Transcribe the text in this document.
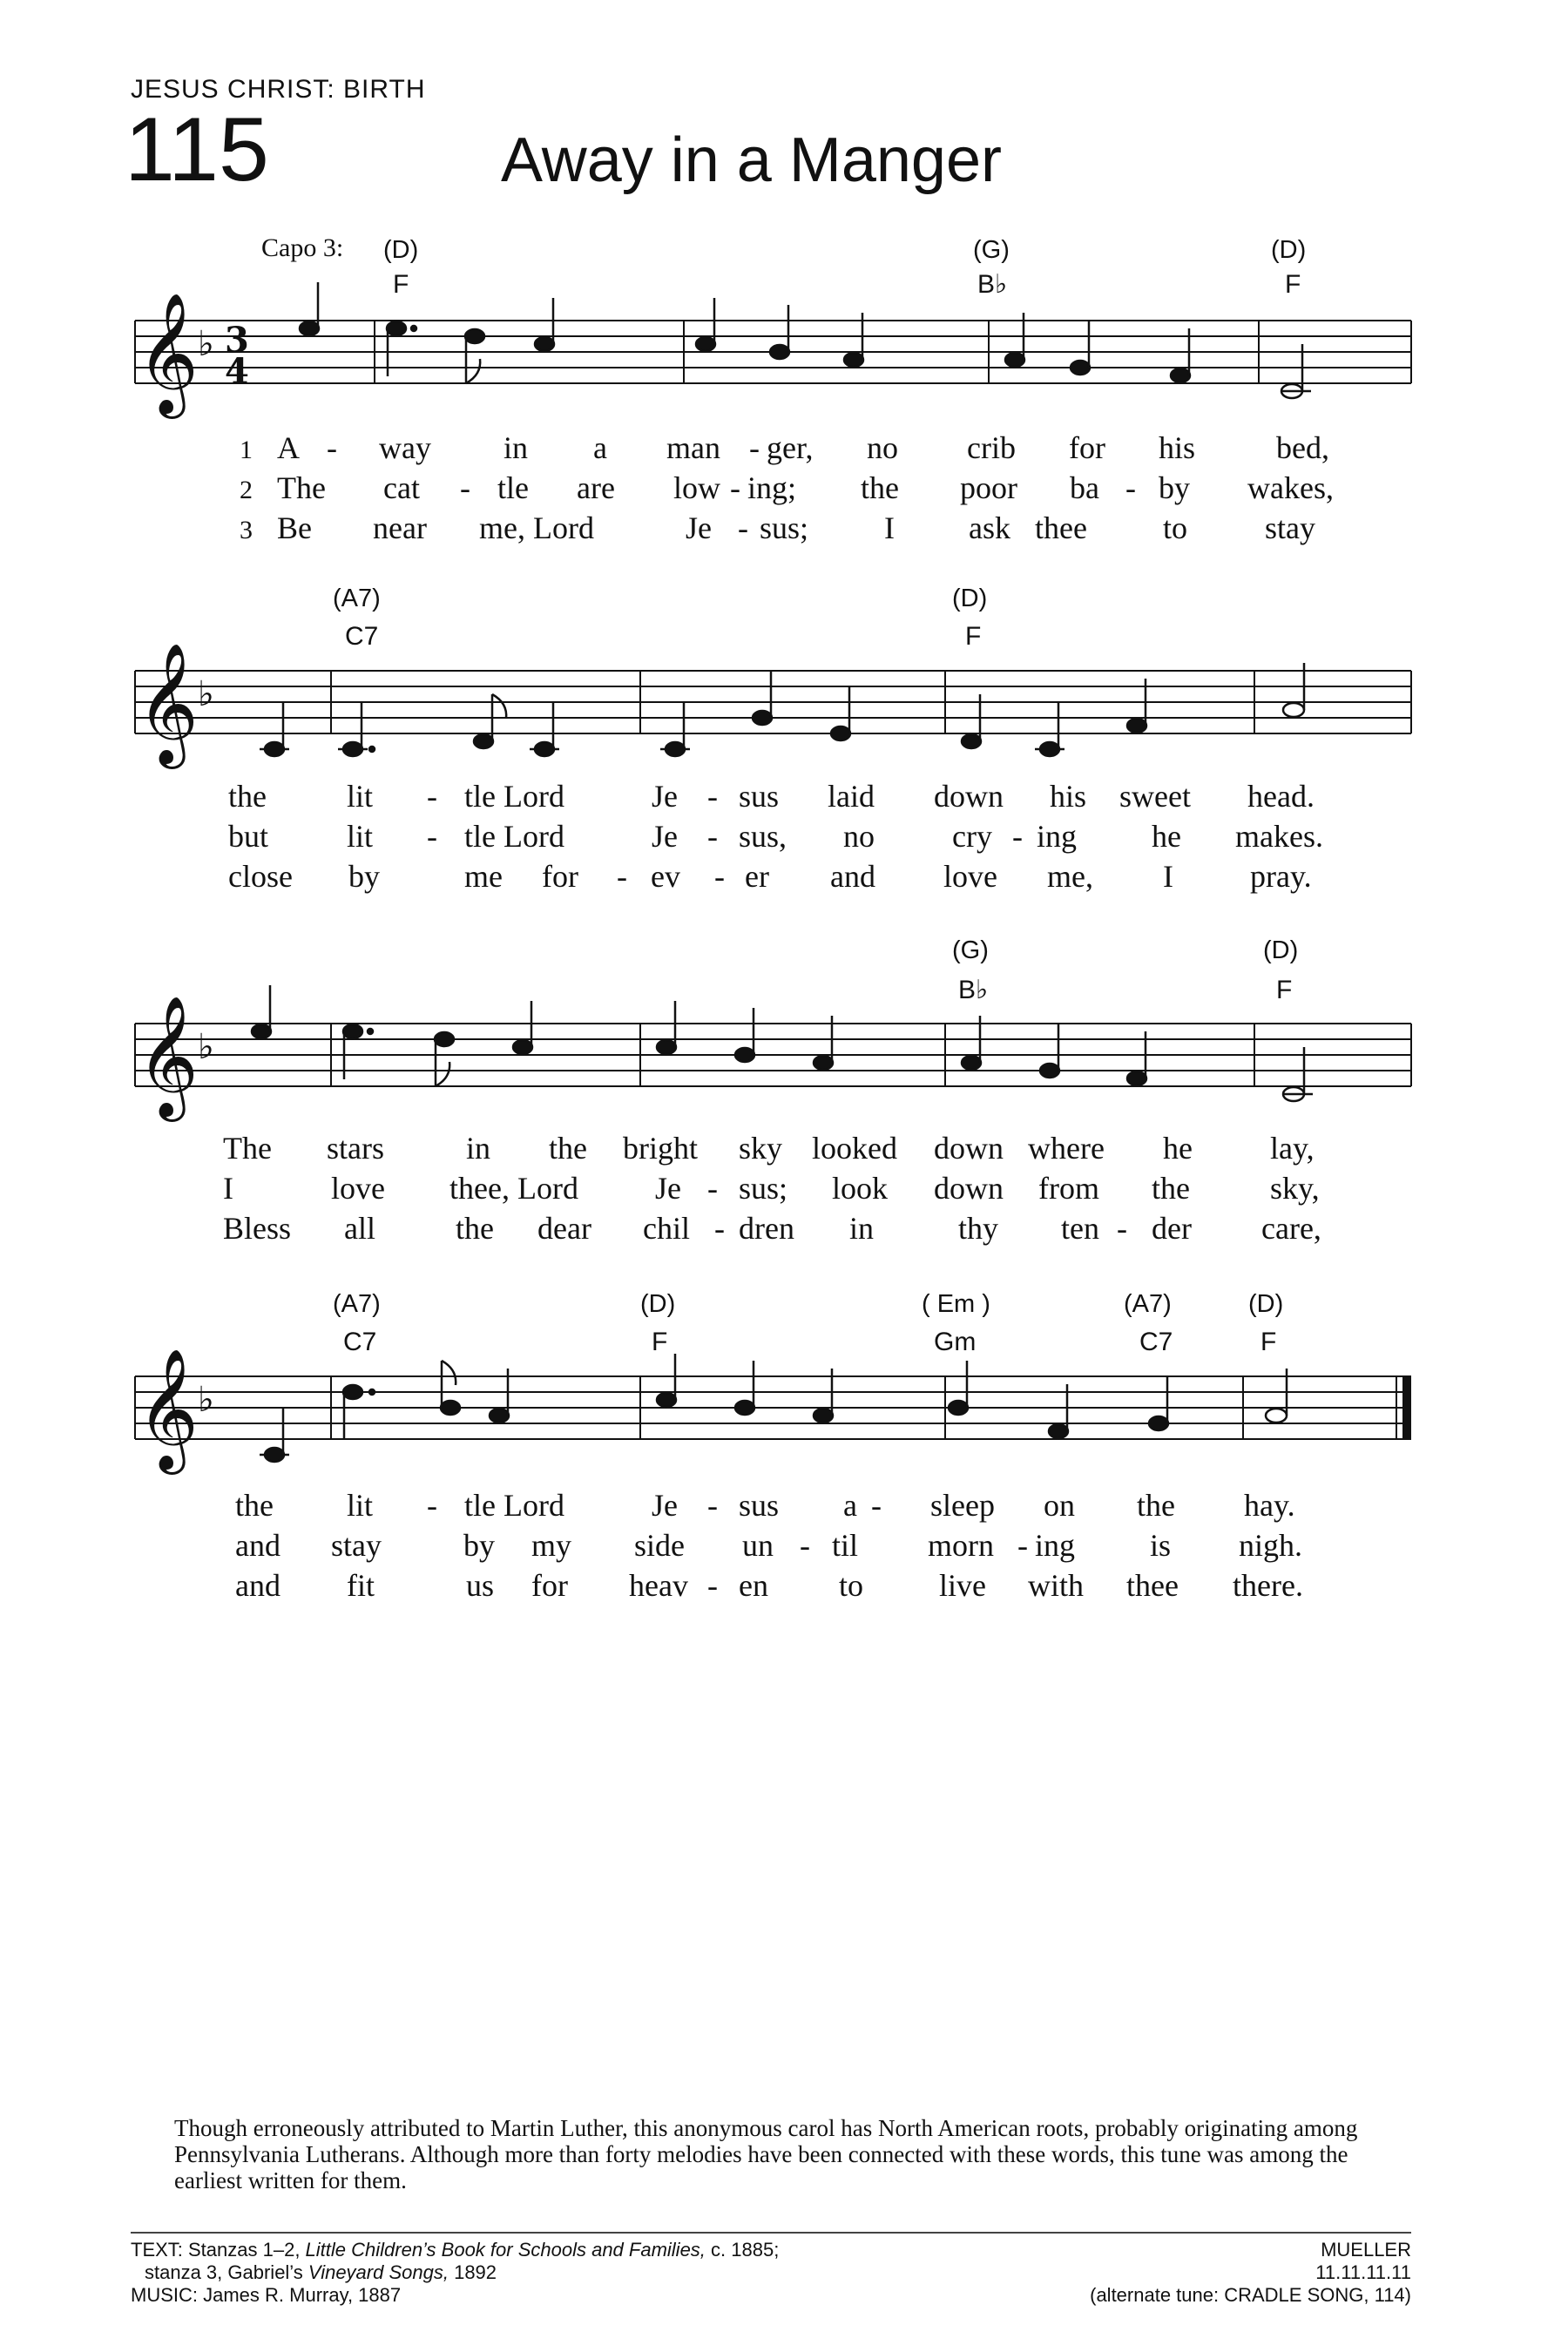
JESUS CHRIST: BIRTH
115	Away in a Manger
Capo 3: (D)
F
(G)
B♭
(D)
F
𝄞 ♭ 3
4
1
2
3
A - way in a man - ger, no crib for his	bed,
The cat - tle are low - ing; the poor ba - by wakes,
Be near me, Lord	Je - sus; I ask thee to stay
(A7)
C7
(D)
F
𝄞 ♭
the	lit - tle Lord	Je - sus laid down his sweet head.
but lit - tle Lord	Je - sus, no cry - ing he makes.
close by	me for - ev - er and love me, I pray.
(G)
B♭
(D)
F
𝄞 ♭
The stars	in the bright sky looked down where he lay,
I	love thee, Lord Je - sus; look down from the	sky,
Bless all	the dear chil - dren in	thy ten - der care,
(A7)
C7
(D)
F
( Em )
Gm
(A7)
C7
(D)
F
𝄞 ♭
the lit - tle Lord	Je - sus a - sleep on the hay.
and stay	by my side un - til morn - ing is nigh.
and fit	us for heav - en to live with thee there.
Though erroneously attributed to Martin Luther, this anonymous carol has North American roots, probably originating among Pennsylvania Lutherans. Although more than forty melodies have been connected with these words, this tune was among the earliest written for them.
TEXT: Stanzas 1–2, Little Children’s Book for Schools and Families, c. 1885;
stanza 3, Gabriel’s Vineyard Songs, 1892
MUSIC: James R. Murray, 1887
MUELLER
11.11.11.11
(alternate tune: CRADLE SONG, 114)
